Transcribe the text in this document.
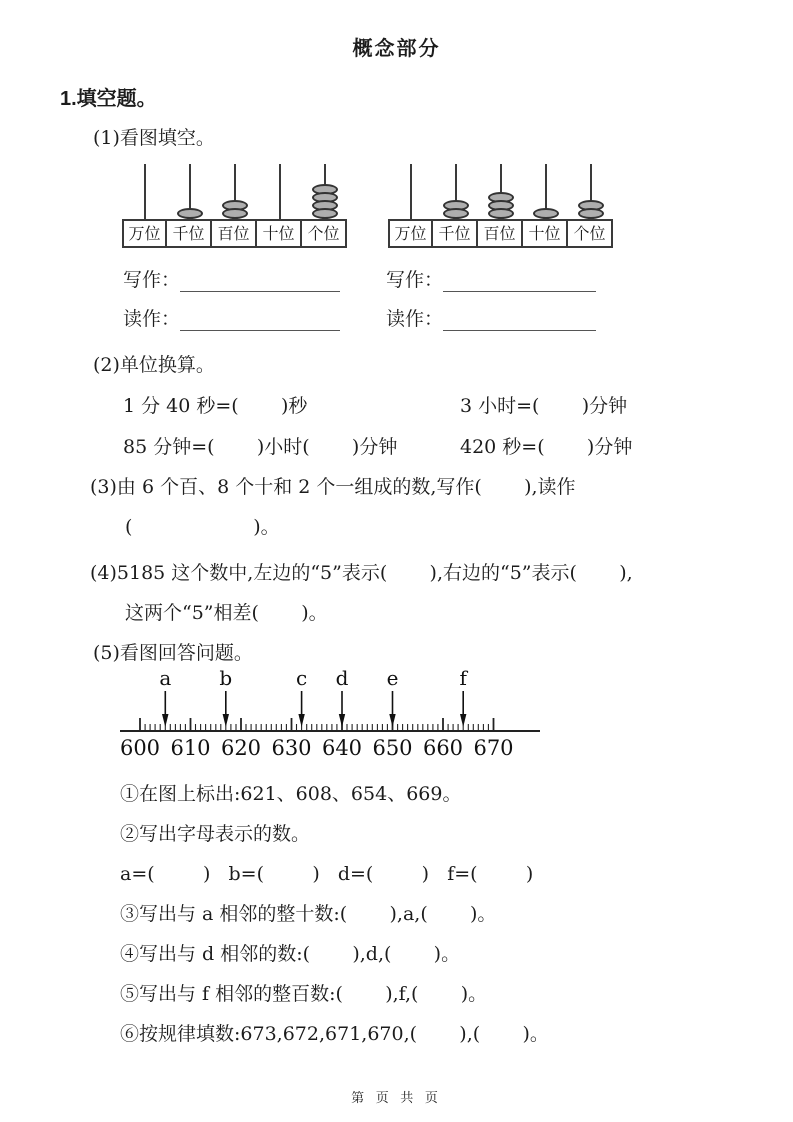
概念部分
1.填空题。
(1)看图填空。
万位 千位 百位 十位 个位	万位 千位 百位 十位 个位
写作：
读作：
写作：
读作：
(2)单位换算。
1 分 40 秒=(       )秒	3 小时=(       )分钟
85 分钟=(       )小时(       )分钟	420 秒=(       )分钟
(3)由 6 个百、8 个十和 2 个一组成的数,写作(       ),读作
(                    )。
(4)5185 这个数中,左边的“5”表示(       ),右边的“5”表示(       ),
这两个“5”相差(       )。
(5)看图回答问题。
600 610 620 630 640 650 660 670
a b	c d e	f
①在图上标出:621、608、654、669。
②写出字母表示的数。
a=(        )   b=(        )   d=(        )   f=(        )
③写出与 a 相邻的整十数:(       ),a,(       )。
④写出与 d 相邻的数:(       ),d,(       )。
⑤写出与 f 相邻的整百数:(       ),f,(       )。
⑥按规律填数:673,672,671,670,(       ),(       )。
第 页 共 页
